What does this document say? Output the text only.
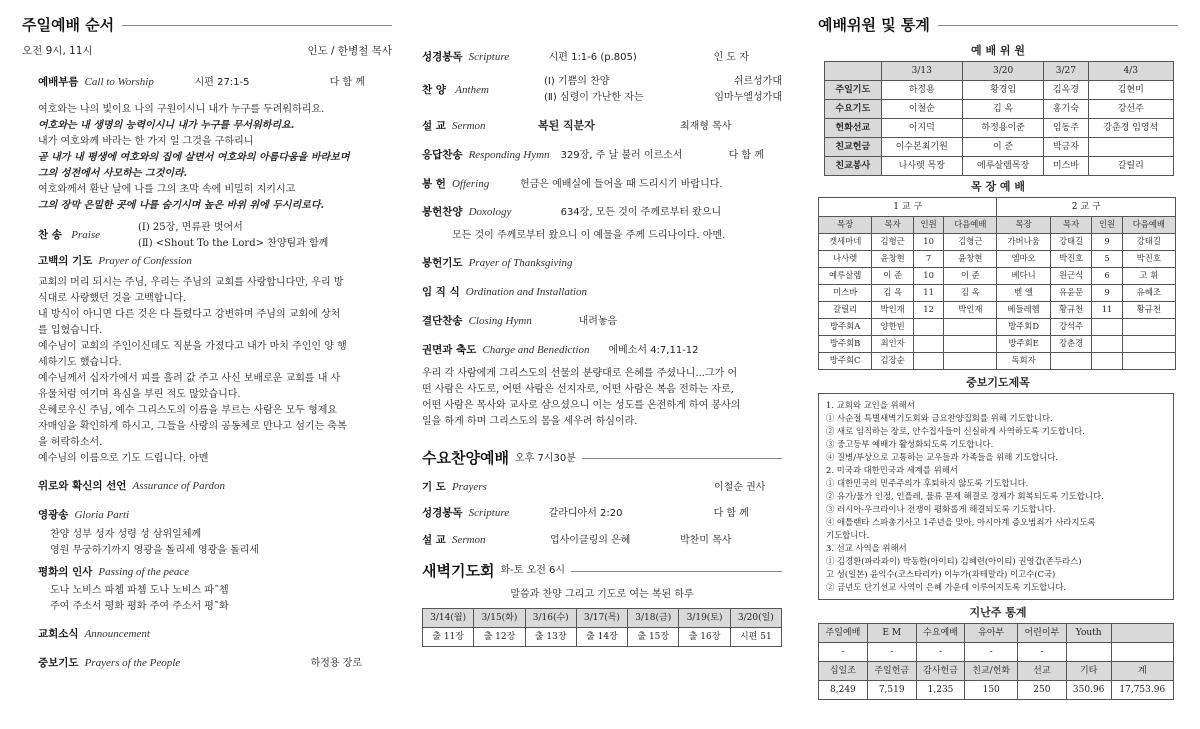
주일예배 순서
오전 9시, 11시	인도 / 한병철 목사
예배부름 Call to Worship	시편 27:1-5	다 함 께

여호와는 나의 빛이요 나의 구원이시니 내가 누구를 두려워하리요.

여호와는 내 생명의 능력이시니 내가 누구를 무서워하리요.

내가 여호와께 바라는 한 가지 일 그것을 구하리니

곧 내가 내 평생에 여호와의 집에 살면서 여호와의 아름다움을 바라보며

그의 성전에서 사모하는 그것이라.

여호와께서 환난 날에 나를 그의 초막 속에 비밀히 지키시고

그의 장막 은밀한 곳에 나를 숨기시며 높은 바위 위에 두시리로다.

찬 송 Praise

(Ⅰ) 25장, 면류관 벗어서

(Ⅱ) <Shout To the Lord> 찬양팀과 함께

고백의 기도 Prayer of Confession

교회의 머리 되시는 주님, 우리는 주님의 교회를 사랑합니다만, 우리 방

식대로 사랑했던 것을 고백합니다.

내 방식이 아니면 다른 것은 다 틀렸다고 강변하며 주님의 교회에 상처

를 입혔습니다.

예수님이 교회의 주인이신데도 직분을 가졌다고 내가 마치 주인인 양 행

세하기도 했습니다.

예수님께서 십자가에서 피를 흘려 값 주고 사신 보배로운 교회를 내 사

유물처럼 여기며 욕심을 부린 적도 많았습니다.

은혜로우신 주님, 예수 그리스도의 이름을 부르는 사람은 모두 형제요

자매임을 확인하게 하시고, 그들을 사랑의 공동체로 만나고 섬기는 축복

을 허락하소서.

예수님의 이름으로 기도 드립니다. 아멘

위로와 확신의 선언 Assurance of Pardon
영광송 Gloria Parti

찬양 성부 성자 성령 성 삼위일체께

영원 무궁하기까지 영광을 돌리세 영광을 돌리세

평화의 인사 Passing of the peace

도나 노비스 파쳄 파쳄 도나 노비스 파˜쳄

주여 주소서 평화 평화 주여 주소서 평˜화

교회소식 Announcement
중보기도 Prayers of the People	하정용 장로
성경봉독 Scripture	시편 1:1-6 (p.805)	인 도 자
찬 양 Anthem
(Ⅰ) 기쁨의 찬양	쉬르성가대
(Ⅱ) 심령이 가난한 자는	임마누엘성가대
설 교 Sermon	복된 직분자	최재형 목사
응답찬송 Responding Hymn	329장, 주 날 불러 이르소서	다 함 께
봉 헌 Offering	헌금은 예배실에 들어올 때 드리시기 바랍니다.
봉헌찬양 Doxology	634장, 모든 것이 주께로부터 왔으니

모든 것이 주께로부터 왔으니 이 예물을 주께 드리나이다. 아멘.

봉헌기도 Prayer of Thanksgiving
임 직 식 Ordination and Installation
결단찬송 Closing Hymn	내려놓음
권면과 축도 Charge and Benediction	에베소서 4:7,11-12

우리 각 사람에게 그리스도의 선물의 분량대로 은혜를 주셨나니...그가 어

떤 사람은 사도로, 어떤 사람은 선지자로, 어떤 사람은 복음 전하는 자로,

어떤 사람은 목사와 교사로 삼으셨으니 이는 성도를 온전하게 하여 봉사의

일을 하게 하며 그리스도의 몸을 세우려 하심이라.

수요찬양예배 오후 7시30분
기 도 Prayers	이철순 권사
성경봉독 Scripture	갈라디아서 2:20	다 함 께
설 교 Sermon	업사이클링의 은혜	박찬미 목사
새벽기도회 화-토 오전 6시
말씀과 찬양 그리고 기도로 여는 복된 하루
3/14(월)	3/15(화)	3/16(수)	3/17(목)	3/18(금)	3/19(토)	3/20(일)
출 11장	출 12장	출 13장	출 14장	출 15장	출 16장	시편 51
예배위원 및 통계
예 배 위 원
	3/13	3/20	3/27	4/3
주일기도	하정용	황경임	김옥경	김현미
수요기도	이철순	김 옥	홍기숙	강선주
헌화선교	이지덕	하정용이준	임동주	강춘경 임영석
친교헌금	이수본최기원	이 준	박금자	
친교봉사	나사렛 목장	에루살렘목장	미스바	갈릴리
목 장 예 배
1 교 구				2 교 구			
목장	목자	인원	다음예배	목장	목자	인원	다음예배
겟세마네	김형근	10	김형근	가버나움	강태길	9	강태길
나사렛	윤창현	7	윤창현	엠마오	박진호	5	박진호
예루살렘	이 준	10	이 준	베다니	원근식	6	고 휘
미스바	김 옥	11	김 옥	벧 엘	유윤문	9	유혜조
갈릴리	박인재	12	박인재	베들레헴	황규천	11	황규천
방주회A	양한빈			방주회D	강석주		
방주회B	최인자			방주회E	강춘경		
방주회C	김장순			독회자			
중보기도제목
1. 교회와 교인을 위해서
① 사순절 특별새벽기도회와 금요찬양집회를 위해 기도합니다.
② 새로 임직하는 장로, 안수집사들이 신실하게 사역하도록 기도합니다.
③ 중고등부 예배가 활성화되도록 기도합니다.
④ 질병/부상으로 고통하는 교우들과 가족들을 위해 기도합니다.
2. 미국과 대한민국과 세계를 위해서
① 대한민국의 민주주의가 후퇴하지 않도록 기도합니다.
② 유가/물가 인정, 인플레, 물류 문제 해결로 경제가 회복되도록 기도합니다.
③ 러시아-우크라이나 전쟁이 평화롭게 해결되도록 기도합니다.
④ 애틀랜타 스파총기사고 1주년을 맞아, 아시아계 증오범죄가 사라지도록
기도합니다.
3. 선교 사역을 위해서
① 김경환(파라과이) 박동한(아이티) 김혜련(아이티) 권영갑(존두라스)
고 성(일본) 윤익수(코스타리카) 이누가(과테말라) 이고수(C국)
② 금년도 단기선교 사역이 은혜 가운데 이루어지도록 기도합니다.
지난주 통계
주일예배	E M	수요예배	유아부	어린이부	Youth	
-	-	-	-	-		
십일조	주일헌금	감사헌금	친교/헌화	선교	기타	계
8,249	7,519	1,235	150	250	350.96	17,753.96
